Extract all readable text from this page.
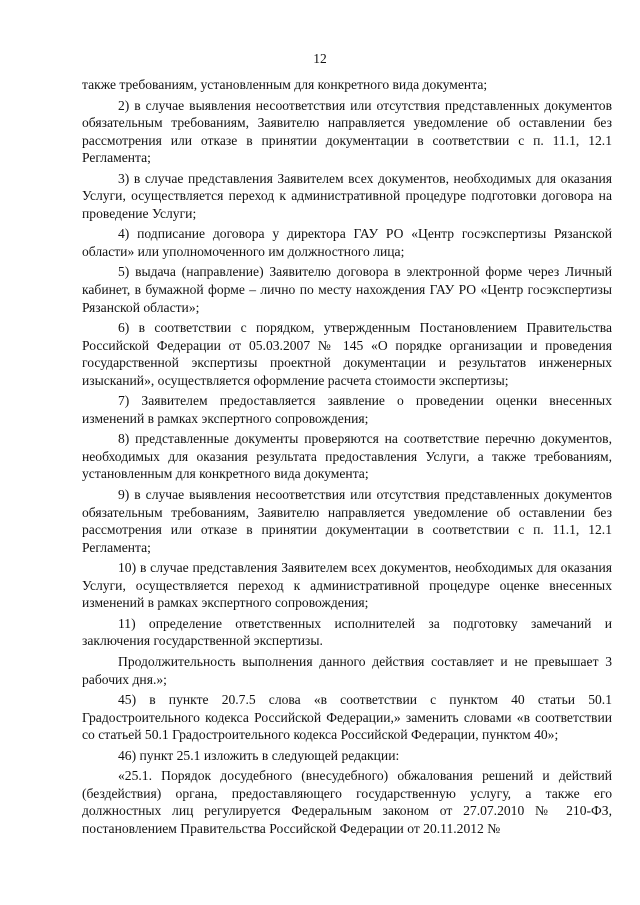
12

также требованиям, установленным для конкретного вида документа;

2) в случае выявления несоответствия или отсутствия представленных документов обязательным требованиям, Заявителю направляется уведомление об оставлении без рассмотрения или отказе в принятии документации в соответствии с п. 11.1, 12.1 Регламента;

3) в случае представления Заявителем всех документов, необходимых для оказания Услуги, осуществляется переход к административной процедуре подготовки договора на проведение Услуги;

4) подписание договора у директора ГАУ РО «Центр госэкспертизы Рязанской области» или уполномоченного им должностного лица;

5) выдача (направление) Заявителю договора в электронной форме через Личный кабинет, в бумажной форме – лично по месту нахождения ГАУ РО «Центр госэкспертизы Рязанской области»;

6) в соответствии с порядком, утвержденным Постановлением Правительства Российской Федерации от 05.03.2007 № 145 «О порядке организации и проведения государственной экспертизы проектной документации и результатов инженерных изысканий», осуществляется оформление расчета стоимости экспертизы;

7) Заявителем предоставляется заявление о проведении оценки внесенных изменений в рамках экспертного сопровождения;

8) представленные документы проверяются на соответствие перечню документов, необходимых для оказания результата предоставления Услуги, а также требованиям, установленным для конкретного вида документа;

9) в случае выявления несоответствия или отсутствия представленных документов обязательным требованиям, Заявителю направляется уведомление об оставлении без рассмотрения или отказе в принятии документации в соответствии с п. 11.1, 12.1 Регламента;

10) в случае представления Заявителем всех документов, необходимых для оказания Услуги, осуществляется переход к административной процедуре оценке внесенных изменений в рамках экспертного сопровождения;

11) определение ответственных исполнителей за подготовку замечаний и заключения государственной экспертизы.

Продолжительность выполнения данного действия составляет и не превышает 3 рабочих дня.»;

45) в пункте 20.7.5 слова «в соответствии с пунктом 40 статьи 50.1 Градостроительного кодекса Российской Федерации,» заменить словами «в соответствии со статьей 50.1 Градостроительного кодекса Российской Федерации, пунктом 40»;

46) пункт 25.1 изложить в следующей редакции:

«25.1. Порядок досудебного (внесудебного) обжалования решений и действий (бездействия) органа, предоставляющего государственную услугу, а также его должностных лиц регулируется Федеральным законом от 27.07.2010 № 210-ФЗ, постановлением Правительства Российской Федерации от 20.11.2012 №
